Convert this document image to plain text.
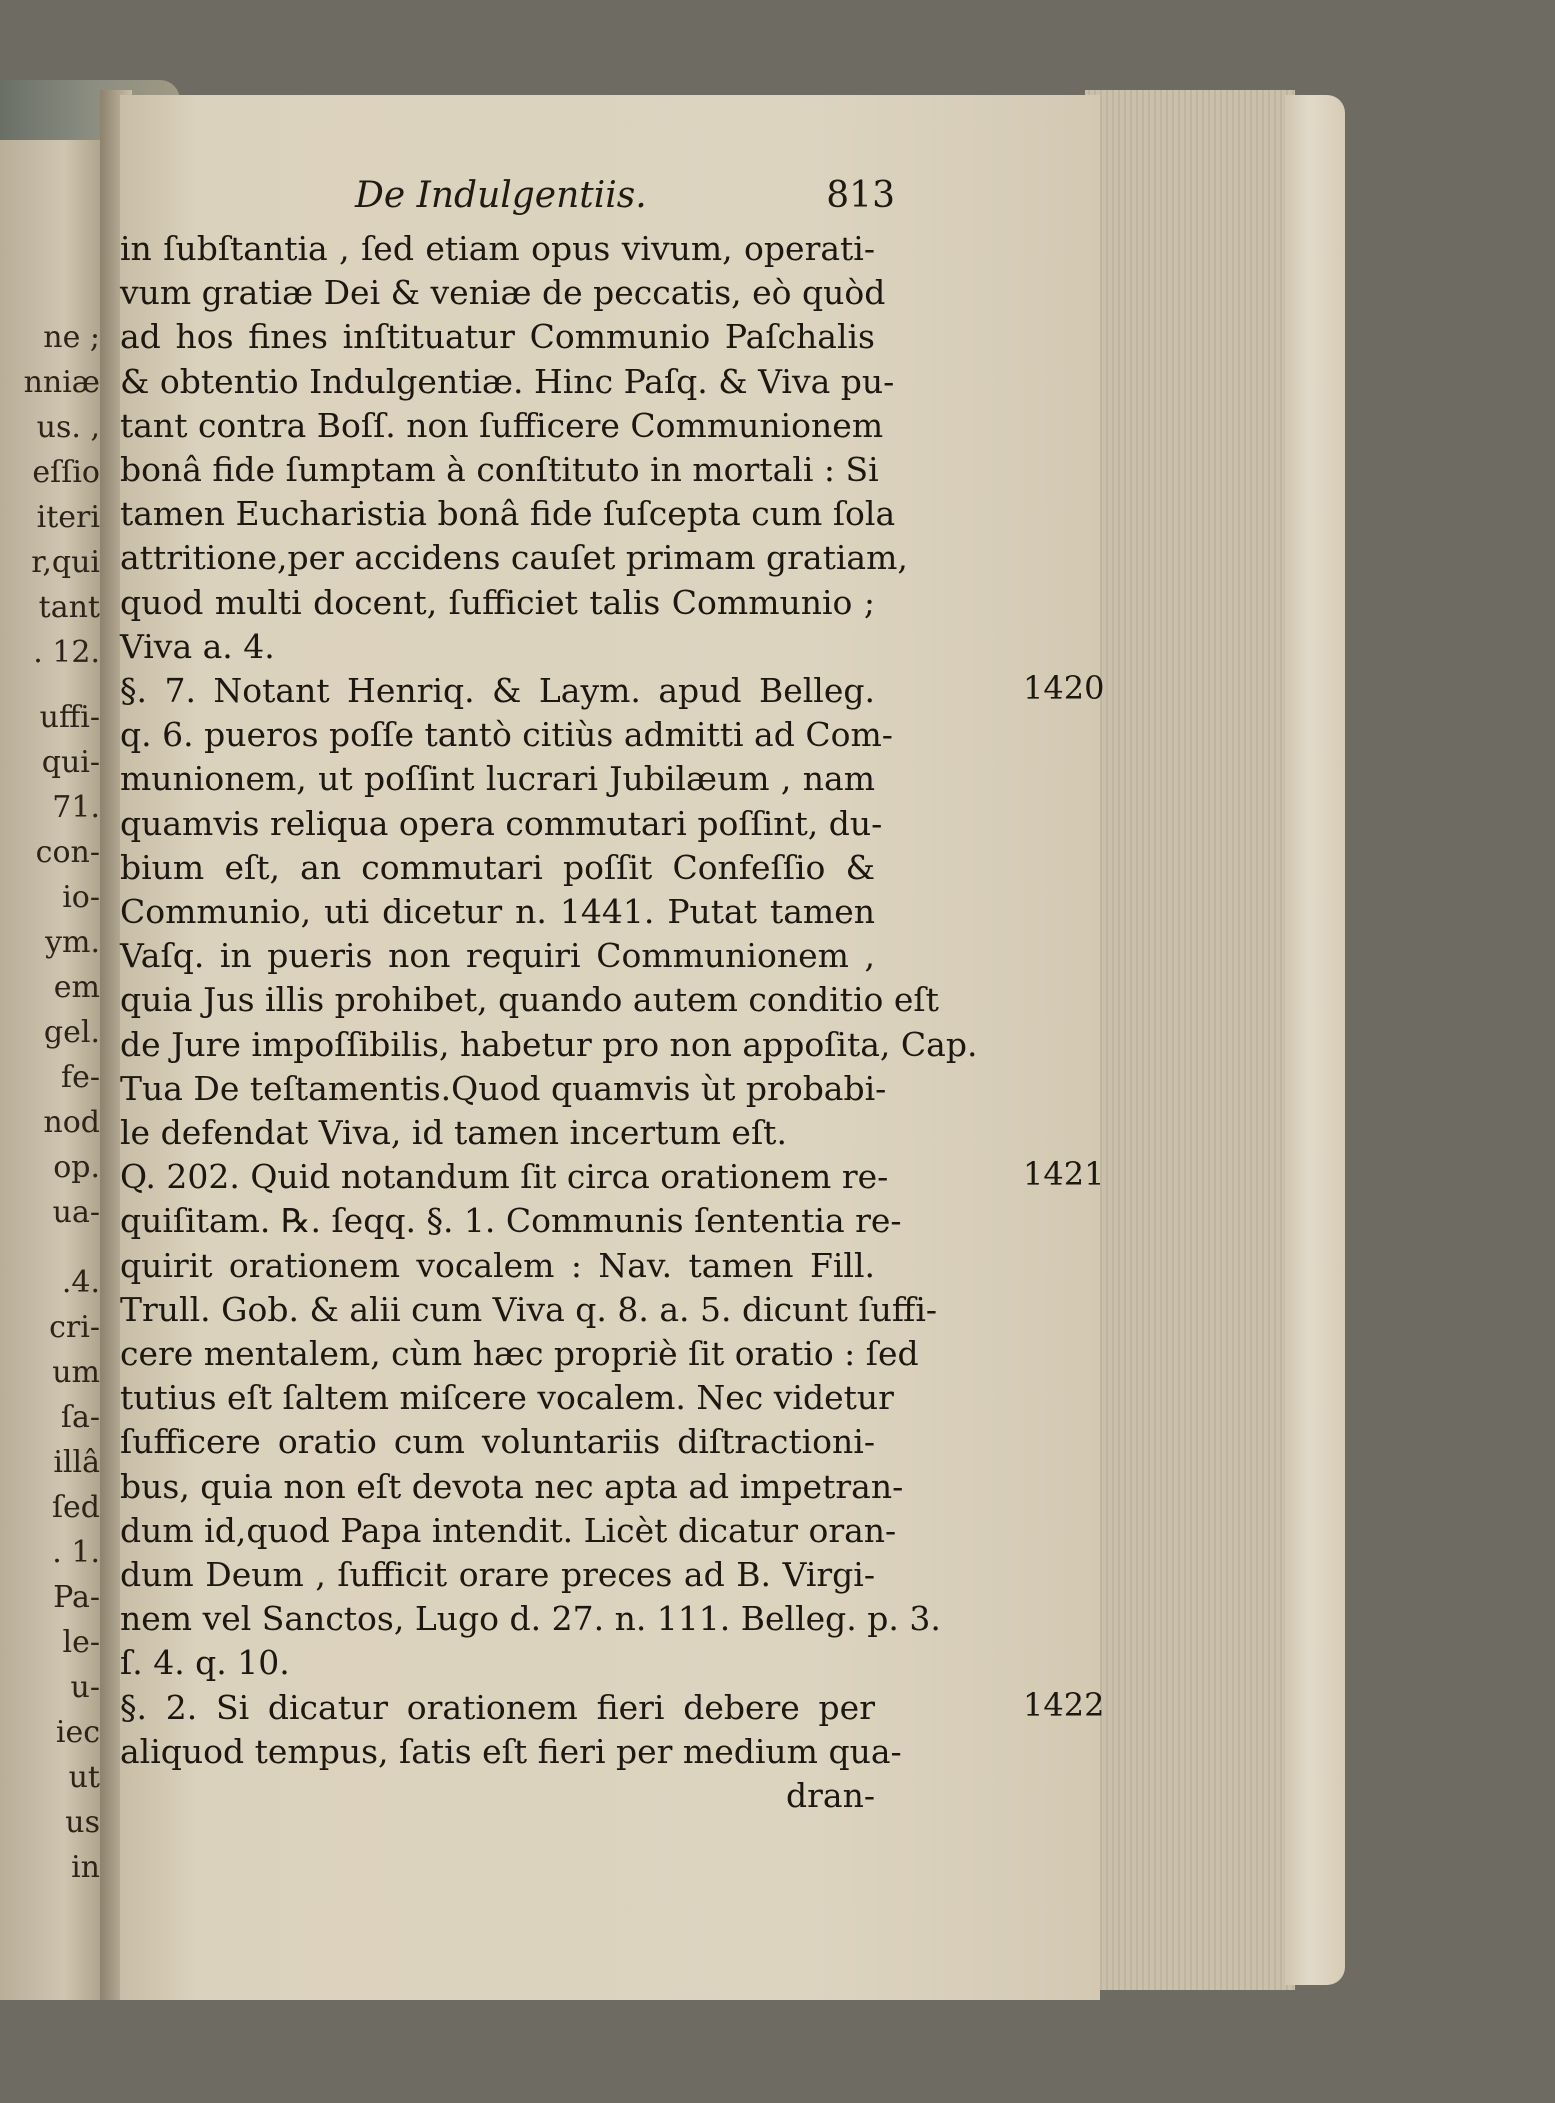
ne ;
nniæ
us. ,
eſſio
iteri
r,qui
tant
. 12.
uffi-
qui-
71.
con-
io-
ym.
em
gel.
fe-
nod
op.
ua-
.4.
cri-
um
ſa-
illâ
ſed
. 1.
Pa-
le-
u-
iec
ut
us
in
De Indulgentiis.	813
1420
1421
1422
in ſubſtantia , ſed etiam opus vivum, operati-
vum gratiæ Dei & veniæ de peccatis, eò quòd
ad hos fines inſtituatur Communio Paſchalis
& obtentio Indulgentiæ. Hinc Paſq. & Viva pu-
tant contra Boſſ. non ſufficere Communionem
bonâ fide ſumptam à conſtituto in mortali : Si
tamen Eucharistia bonâ fide ſuſcepta cum ſola
attritione,per accidens cauſet primam gratiam,
quod multi docent, ſufficiet talis Communio ;
Viva a. 4.
§. 7. Notant Henriq. & Laym. apud Belleg.
q. 6. pueros poſſe tantò citiùs admitti ad Com-
munionem, ut poſſint lucrari Jubilæum , nam
quamvis reliqua opera commutari poſſint, du-
bium eſt, an commutari poſſit Confeſſio &
Communio, uti dicetur n. 1441. Putat tamen
Vaſq. in pueris non requiri Communionem ,
quia Jus illis prohibet, quando autem conditio eſt
de Jure impoſſibilis, habetur pro non appoſita, Cap.
Tua De teſtamentis.Quod quamvis ùt probabi-
le defendat Viva, id tamen incertum eſt.
Q. 202. Quid notandum ſit circa orationem re-
quiſitam. ℞. ſeqq. §. 1. Communis ſententia re-
quirit orationem vocalem : Nav. tamen Fill.
Trull. Gob. & alii cum Viva q. 8. a. 5. dicunt ſuffi-
cere mentalem, cùm hæc propriè ſit oratio : ſed
tutius eſt ſaltem miſcere vocalem. Nec videtur
ſufficere oratio cum voluntariis diſtractioni-
bus, quia non eſt devota nec apta ad impetran-
dum id,quod Papa intendit. Licèt dicatur oran-
dum Deum , ſufficit orare preces ad B. Virgi-
nem vel Sanctos, Lugo d. 27. n. 111. Belleg. p. 3.
ſ. 4. q. 10.
§. 2. Si dicatur orationem fieri debere per
aliquod tempus, ſatis eſt fieri per medium qua-
dran-
